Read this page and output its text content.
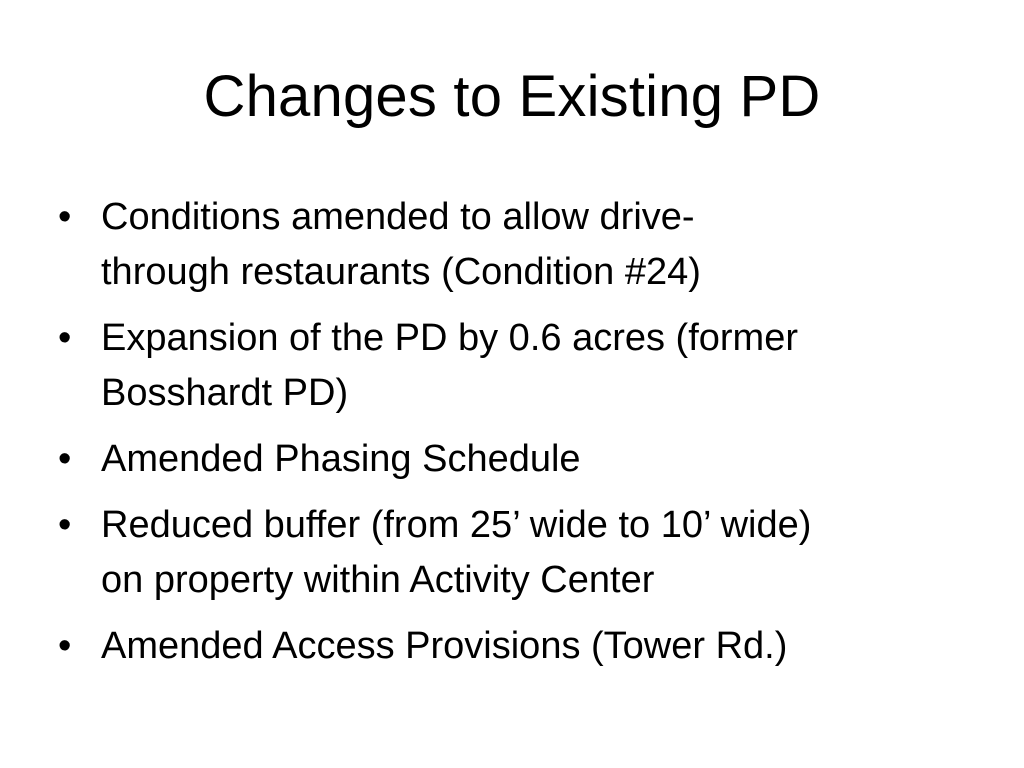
Changes to Existing PD
• Conditions amended to allow drive-
through restaurants (Condition #24)
• Expansion of the PD by 0.6 acres (former
Bosshardt PD)
• Amended Phasing Schedule
• Reduced buffer (from 25’ wide to 10’ wide)
on property within Activity Center
• Amended Access Provisions (Tower Rd.)
